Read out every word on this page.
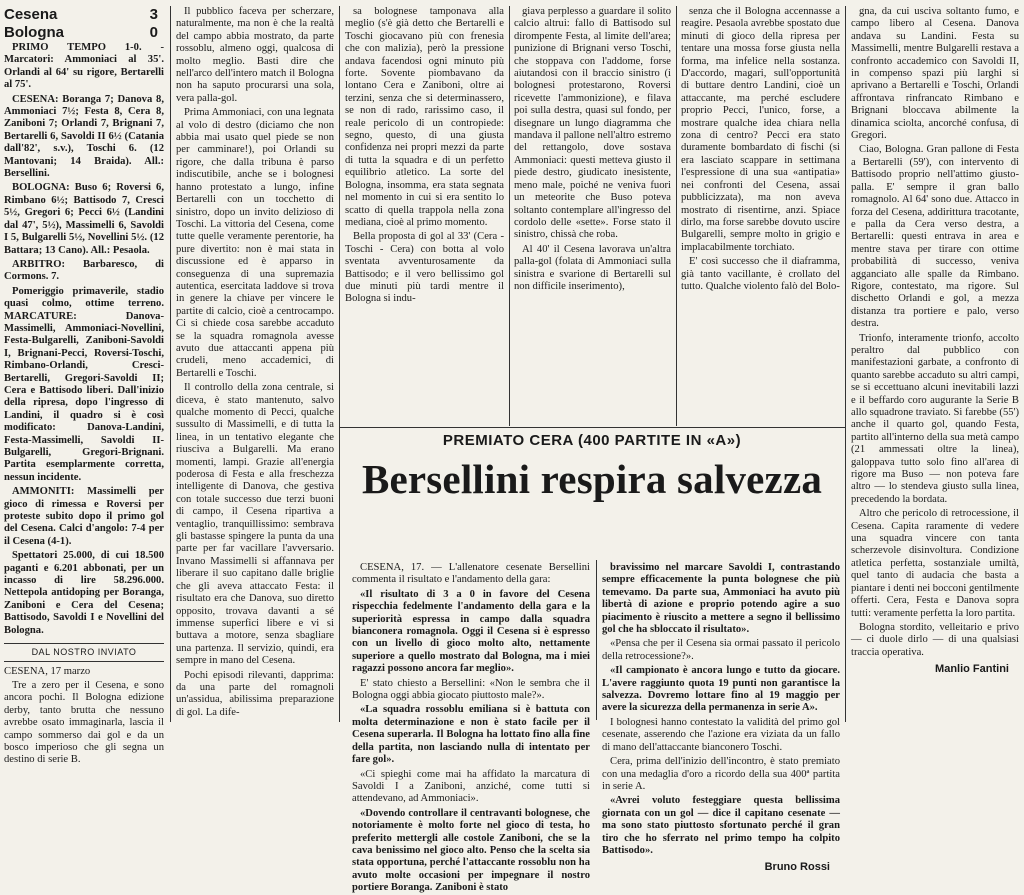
Cesena	3
Bologna	0

PRIMO TEMPO 1-0. - Marcatori: Ammoniaci al 35'. Orlandi al 64' su rigore, Bertarelli al 75'.

CESENA: Boranga 7; Danova 8, Ammoniaci 7½; Festa 8, Cera 8, Zaniboni 7; Orlandi 7, Brignani 7, Bertarelli 6, Savoldi II 6½ (Catania dall'82', s.v.), Toschi 6. (12 Mantovani; 14 Braida). All.: Bersellini.

BOLOGNA: Buso 6; Roversi 6, Rimbano 6½; Battisodo 7, Cresci 5½, Gregori 6; Pecci 6½ (Landini dal 47', 5½), Massimelli 6, Savoldi I 5, Bulgarelli 5½, Novellini 5½. (12 Battara; 13 Cano). All.: Pesaola.

ARBITRO: Barbaresco, di Cormons. 7.

Pomeriggio primaverile, stadio quasi colmo, ottime terreno. MARCATURE: Danova-Massimelli, Ammoniaci-Novellini, Festa-Bulgarelli, Zaniboni-Savoldi I, Brignani-Pecci, Roversi-Toschi, Rimbano-Orlandi, Cresci-Bertarelli, Gregori-Savoldi II; Cera e Battisodo liberi. Dall'inizio della ripresa, dopo l'ingresso di Landini, il quadro si è così modificato: Danova-Landini, Festa-Massimelli, Savoldi II-Bulgarelli, Gregori-Brignani. Partita esemplarmente corretta, nessun incidente.

AMMONITI: Massimelli per gioco di rimessa e Roversi per proteste subito dopo il primo gol del Cesena. Calci d'angolo: 7-4 per il Cesena (4-1).

Spettatori 25.000, di cui 18.500 paganti e 6.201 abbonati, per un incasso di lire 58.296.000. Nettepola antidoping per Boranga, Zaniboni e Cera del Cesena; Battisodo, Savoldi I e Novellini del Bologna.

DAL NOSTRO INVIATO

CESENA, 17 marzo

Tre a zero per il Cesena, e sono ancora pochi. Il Bologna edizione derby, tanto brutta che nessuno avrebbe osato immaginarla, lascia il campo sommerso dai gol e da un bosco imperioso che gli segna un destino di serie B.

Il pubblico faceva per scherzare, naturalmente, ma non è che la realtà del campo abbia mostrato, da parte rossoblu, almeno oggi, qualcosa di molto meglio. Basti dire che nell'arco dell'intero match il Bologna non ha saputo procurarsi una sola, vera palla-gol.

Prima Ammoniaci, con una legnata al volo di destro (diciamo che non abbia mai usato quel piede se non per camminare!), poi Orlandi su rigore, che dalla tribuna è parso indiscutibile, anche se i bolognesi hanno protestato a lungo, infine Bertarelli con un tocchetto di sinistro, dopo un invito delizioso di Toschi. La vittoria del Cesena, come tutte quelle veramente perentorie, ha pure divertito: non è mai stata in discussione ed è apparso in conseguenza di una supremazia autentica, esercitata laddove si trova in genere la chiave per vincere le partite di calcio, cioè a centrocampo. Ci si chiede cosa sarebbe accaduto se la squadra romagnola avesse avuto due attaccanti appena più crudeli, meno accademici, di Bertarelli e Toschi.

Il controllo della zona centrale, si diceva, è stato mantenuto, salvo qualche momento di Pecci, qualche sussulto di Massimelli, e di tutta la linea, in un tentativo elegante che riusciva a Bulgarelli. Ma erano momenti, lampi. Grazie all'energia poderosa di Festa e alla freschezza intelligente di Danova, che gestiva con totale successo due terzi buoni di campo, il Cesena ripartiva a ventaglio, tranquillissimo: sembrava gli bastasse spingere la punta da una parte per far vacillare l'avversario. Invano Massimelli si affannava per liberare il suo capitano dalle briglie che gli aveva attaccato Festa: il risultato era che Danova, suo diretto opposito, trovava davanti a sé immense superfici libere e vi si buttava a motore, senza sbagliare una partenza. Il servizio, quindi, era sempre in mano del Cesena.

Pochi episodi rilevanti, dapprima: da una parte del romagnoli un'assidua, abilissima preparazione di gol. La dife-

sa bolognese tamponava alla meglio (s'è già detto che Bertarelli e Toschi giocavano più con frenesia che con malizia), però la pressione andava facendosi ogni minuto più forte. Sovente piombavano da lontano Cera e Zaniboni, oltre ai terzini, senza che si determinassero, se non di rado, rarissimo caso, il reale pericolo di un contropiede: segno, questo, di una giusta confidenza nei propri mezzi da parte di tutta la squadra e di un perfetto equilibrio atletico. La sorte del Bologna, insomma, era stata segnata nel momento in cui si era sentito lo scatto di quella trappola nella zona mediana, cioè al primo momento.

Bella proposta di gol al 33' (Cera - Toschi - Cera) con botta al volo sventata avventurosamente da Battisodo; e il vero bellissimo gol due minuti più tardi mentre il Bologna si indu-

giava perplesso a guardare il solito calcio altrui: fallo di Battisodo sul dirompente Festa, al limite dell'area; punizione di Brignani verso Toschi, che stoppava con l'addome, forse aiutandosi con il braccio sinistro (i bolognesi protestarono, Roversi ricevette l'ammonizione), e filava poi sulla destra, quasi sul fondo, per disegnare un lungo diagramma che mandava il pallone nell'altro estremo del rettangolo, dove sostava Ammoniaci: questi metteva giusto il piede destro, giudicato inesistente, meno male, poiché ne veniva fuori un meteorite che Buso poteva soltanto contemplare all'ingresso del cordolo delle «sette». Forse stato il sinistro, chissà che roba.

Al 40' il Cesena lavorava un'altra palla-gol (folata di Ammoniaci sulla sinistra e svarione di Bertarelli sul non difficile inserimento),

senza che il Bologna accennasse a reagire. Pesaola avrebbe spostato due minuti di gioco della ripresa per tentare una mossa forse giusta nella forma, ma infelice nella sostanza. D'accordo, magari, sull'opportunità di buttare dentro Landini, cioè un attaccante, ma perché escludere proprio Pecci, l'unico, forse, a mostrare qualche idea chiara nella zona di centro? Pecci era stato duramente bombardato di fischi (si era lasciato scappare in settimana l'espressione di una sua «antipatia» nei confronti del Cesena, assai pubblicizzata), ma non aveva mostrato di risentirne, anzi. Spiace dirlo, ma forse sarebbe dovuto uscire Bulgarelli, sempre molto in grigio e implacabilmente torchiato.

E' così successo che il diaframma, già tanto vacillante, è crollato del tutto. Qualche violento falò del Bolo-

gna, da cui usciva soltanto fumo, e campo libero al Cesena. Danova andava su Landini. Festa su Massimelli, mentre Bulgarelli restava a confronto accademico con Savoldi II, in compenso spazi più larghi si aprivano a Bertarelli e Toschi, Orlandi affrontava rinfrancato Rimbano e Brignani bloccava abilmente la dinamica sciolta, ancorché confusa, di Gregori.

Ciao, Bologna. Gran pallone di Festa a Bertarelli (59'), con intervento di Battisodo proprio nell'attimo giusto-palla. E' sempre il gran ballo romagnolo. Al 64' sono due. Attacco in forza del Cesena, addirittura tracotante, e palla da Cera verso destra, a Bertarelli: questi entrava in area e mentre stava per tirare con ottime probabilità di successo, veniva agganciato alle spalle da Rimbano. Rigore, contestato, ma rigore. Sul dischetto Orlandi e gol, a mezza distanza tra portiere e palo, verso destra.

Trionfo, interamente trionfo, accolto peraltro dal pubblico con manifestazioni garbate, a confronto di quanto sarebbe accaduto su altri campi, se si eccettuano alcuni inevitabili lazzi e il beffardo coro augurante la Serie B allo squadrone traviato. Si farebbe (55') anche il quarto gol, quando Festa, partito all'interno della sua metà campo (21 ammessati oltre la linea), galoppava tutto solo fino all'area di rigore ma Buso — non poteva fare altro — lo stendeva giusto sulla linea, precedendo la bordata.

Altro che pericolo di retrocessione, il Cesena. Capita raramente di vedere una squadra vincere con tanta scherzevole disinvoltura. Condizione atletica perfetta, sostanziale umiltà, quel tanto di audacia che basta a piantare i denti nei bocconi gentilmente offerti. Cera, Festa e Danova sopra tutti: veramente perfetta la loro partita.

Bologna stordito, velleitario e privo — ci duole dirlo — di una qualsiasi traccia operativa.

Manlio Fantini
PREMIATO CERA (400 PARTITE IN «A»)
Bersellini respira salvezza

CESENA, 17. — L'allenatore cesenate Bersellini commenta il risultato e l'andamento della gara:

«Il risultato di 3 a 0 in favore del Cesena rispecchia fedelmente l'andamento della gara e la superiorità espressa in campo dalla squadra bianconera romagnola. Oggi il Cesena si è espresso con un livello di gioco molto alto, nettamente superiore a quello mostrato dal Bologna, ma i miei ragazzi possono ancora far meglio».

E' stato chiesto a Bersellini: «Non le sembra che il Bologna oggi abbia giocato piuttosto male?».

«La squadra rossoblu emiliana si è battuta con molta determinazione e non è stato facile per il Cesena superarla. Il Bologna ha lottato fino alla fine della partita, non lasciando nulla di intentato per fare gol».

«Ci spieghi come mai ha affidato la marcatura di Savoldi I a Zaniboni, anziché, come tutti si attendevano, ad Ammoniaci».

«Dovendo controllare il centravanti bolognese, che notoriamente è molto forte nel gioco di testa, ho preferito mettergli alle costole Zaniboni, che se la cava benissimo nel gioco alto. Penso che la scelta sia stata opportuna, perché l'attaccante rossoblu non ha avuto molte occasioni per impegnare il nostro portiere Boranga. Zaniboni è stato

bravissimo nel marcare Savoldi I, contrastando sempre efficacemente la punta bolognese che più temevamo. Da parte sua, Ammoniaci ha avuto più libertà di azione e proprio potendo agire a suo piacimento è riuscito a mettere a segno il bellissimo gol che ha sbloccato il risultato».

«Pensa che per il Cesena sia ormai passato il pericolo della retrocessione?».

«Il campionato è ancora lungo e tutto da giocare. L'avere raggiunto quota 19 punti non garantisce la salvezza. Dovremo lottare fino al 19 maggio per avere la sicurezza della permanenza in serie A».

I bolognesi hanno contestato la validità del primo gol cesenate, asserendo che l'azione era viziata da un fallo di mano dell'attaccante bianconero Toschi.

Cera, prima dell'inizio dell'incontro, è stato premiato con una medaglia d'oro a ricordo della sua 400ª partita in serie A.

«Avrei voluto festeggiare questa bellissima giornata con un gol — dice il capitano cesenate — ma sono stato piuttosto sfortunato perché il gran tiro che ho sferrato nel primo tempo ha colpito Battisodo».

Bruno Rossi
